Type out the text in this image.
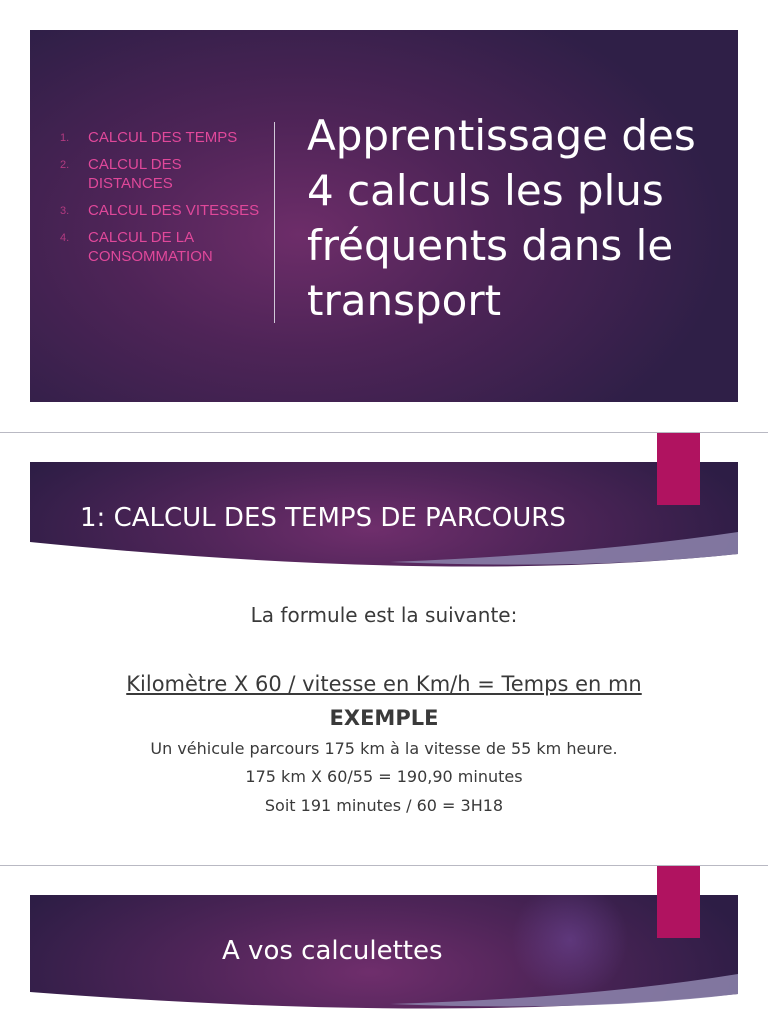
1. CALCUL DES TEMPS
2. CALCUL DES DISTANCES
3. CALCUL DES VITESSES
4. CALCUL DE LA CONSOMMATION
Apprentissage des 4 calculs les plus fréquents dans le transport
1: CALCUL DES TEMPS DE PARCOURS
La formule est la suivante:
Kilomètre X 60 / vitesse en Km/h = Temps en mn
EXEMPLE
Un véhicule parcours 175 km à la vitesse de 55 km heure.
175 km X 60/55 = 190,90 minutes
Soit 191 minutes / 60 = 3H18
A vos calculettes
